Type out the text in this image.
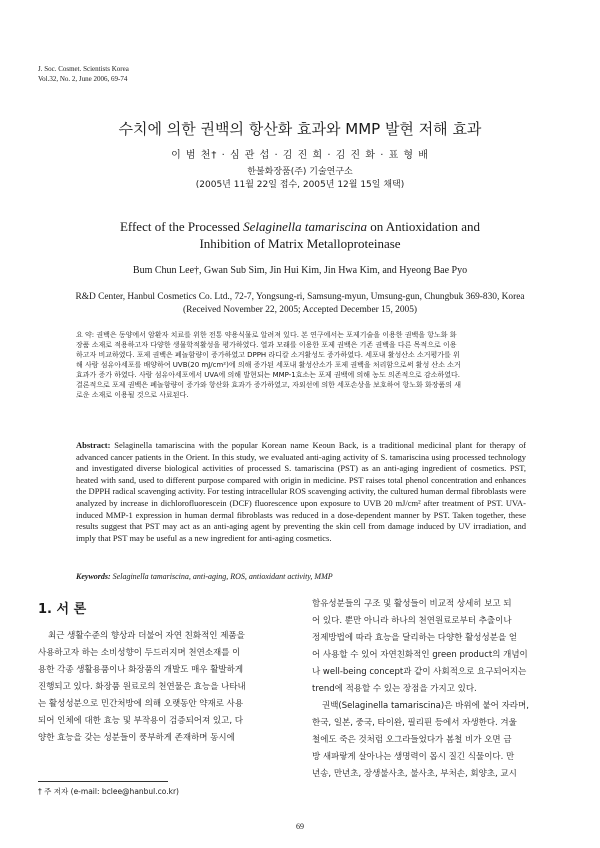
J. Soc. Cosmet. Scientists Korea
Vol.32, No. 2, June 2006, 69-74
수치에 의한 권백의 항산화 효과와 MMP 발현 저해 효과
이 범 천† · 심 관 섭 · 김 진 희 · 김 진 화 · 표 형 배
한불화장품(주) 기술연구소
(2005년 11월 22일 접수, 2005년 12월 15일 채택)
Effect of the Processed Selaginella tamariscina on Antioxidation and
Inhibition of Matrix Metalloproteinase
Bum Chun Lee†, Gwan Sub Sim, Jin Hui Kim, Jin Hwa Kim, and Hyeong Bae Pyo
R&D Center, Hanbul Cosmetics Co. Ltd., 72-7, Yongsung-ri, Samsung-myun, Umsung-gun, Chungbuk 369-830, Korea
(Received November 22, 2005; Accepted December 15, 2005)
요 약: 권백은 동양에서 암환자 치료를 위한 전통 약용식물로 알려져 있다. 본 연구에서는 포제기술을 이용한 권백을 항노화 화
장품 소재로 적용하고자 다양한 생물학적활성을 평가하였다. 열과 모래를 이용한 포제 권백은 기존 권백을 다른 목적으로 이용
하고자 비교하였다. 포제 권백은 폐놀함량이 증가하였고 DPPH 라디칼 소거활성도 증가하였다. 세포내 활성산소 소거평가를 위
해 사람 섬유아세포를 배양하여 UVB(20 mJ/cm²)에 의해 증가된 세포내 활성산소가 포제 권백을 처리함으로써 활성 산소 소거
효과가 증가 하였다. 사람 섬유아세포에서 UVA에 의해 발현되는 MMP-1효소는 포제 권백에 의해 농도 의존적으로 감소하였다.
결론적으로 포제 권백은 폐놀함량이 증가와 항산화 효과가 증가하였고, 자외선에 의한 세포손상을 보호하여 항노화 화장품의 새
로운 소재로 이용될 것으로 사료된다.
Abstract: Selaginella tamariscina with the popular Korean name Keoun Back, is a traditional medicinal plant for therapy of advanced cancer patients in the Orient. In this study, we evaluated anti-aging activity of S. tamariscina using processed technology and investigated diverse biological activities of processed S. tamariscina (PST) as an anti-aging ingredient of cosmetics. PST, heated with sand, used to different purpose compared with origin in medicine. PST raises total phenol concentration and enhances the DPPH radical scavenging activity. For testing intracellular ROS scavenging activity, the cultured human dermal fibroblasts were analyzed by increase in dichlorofluorescein (DCF) fluorescence upon exposure to UVB 20 mJ/cm² after treatment of PST. UVA-induced MMP-1 expression in human dermal fibroblasts was reduced in a dose-dependent manner by PST. Taken together, these results suggest that PST may act as an anti-aging agent by preventing the skin cell from damage induced by UV irradiation, and imply that PST may be useful as a new ingredient for anti-aging cosmetics.
Keywords: Selaginella tamariscina, anti-aging, ROS, antioxidant activity, MMP
1. 서 론
최근 생활수준의 향상과 더불어 자연 친화적인 제품을
사용하고자 하는 소비성향이 두드러지며 천연소재를 이
용한 각종 생활용품이나 화장품의 개발도 매우 활발하게
진행되고 있다. 화장품 원료로의 천연물은 효능을 나타내
는 활성성분으로 민간처방에 의해 오랫동안 약재로 사용
되어 인체에 대한 효능 및 부작용이 검증되어져 있고, 다
양한 효능을 갖는 성분들이 풍부하게 존재하며 동시에
함유성분들의 구조 및 활성들이 비교적 상세히 보고 되
어 있다. 뿐만 아니라 하나의 천연원료로부터 추출이나
정제방법에 따라 효능을 달리하는 다양한 활성성분을 얻
어 사용할 수 있어 자연친화적인 green product의 개념이
나 well-being concept과 같이 사회적으로 요구되어지는
trend에 적용할 수 있는 장점을 가지고 있다.
권백(Selaginella tamariscina)은 바위에 붙어 자라며,
한국, 일본, 중국, 타이완, 필리핀 등에서 자생한다. 겨울
철에도 죽은 것처럼 오그라들었다가 봄철 비가 오면 금
방 새파랗게 살아나는 생명력이 몹시 질긴 식물이다. 만
년송, 만년초, 장생불사초, 불사초, 부처손, 회양초, 교시
† 주 저자 (e-mail: bclee@hanbul.co.kr)
69
